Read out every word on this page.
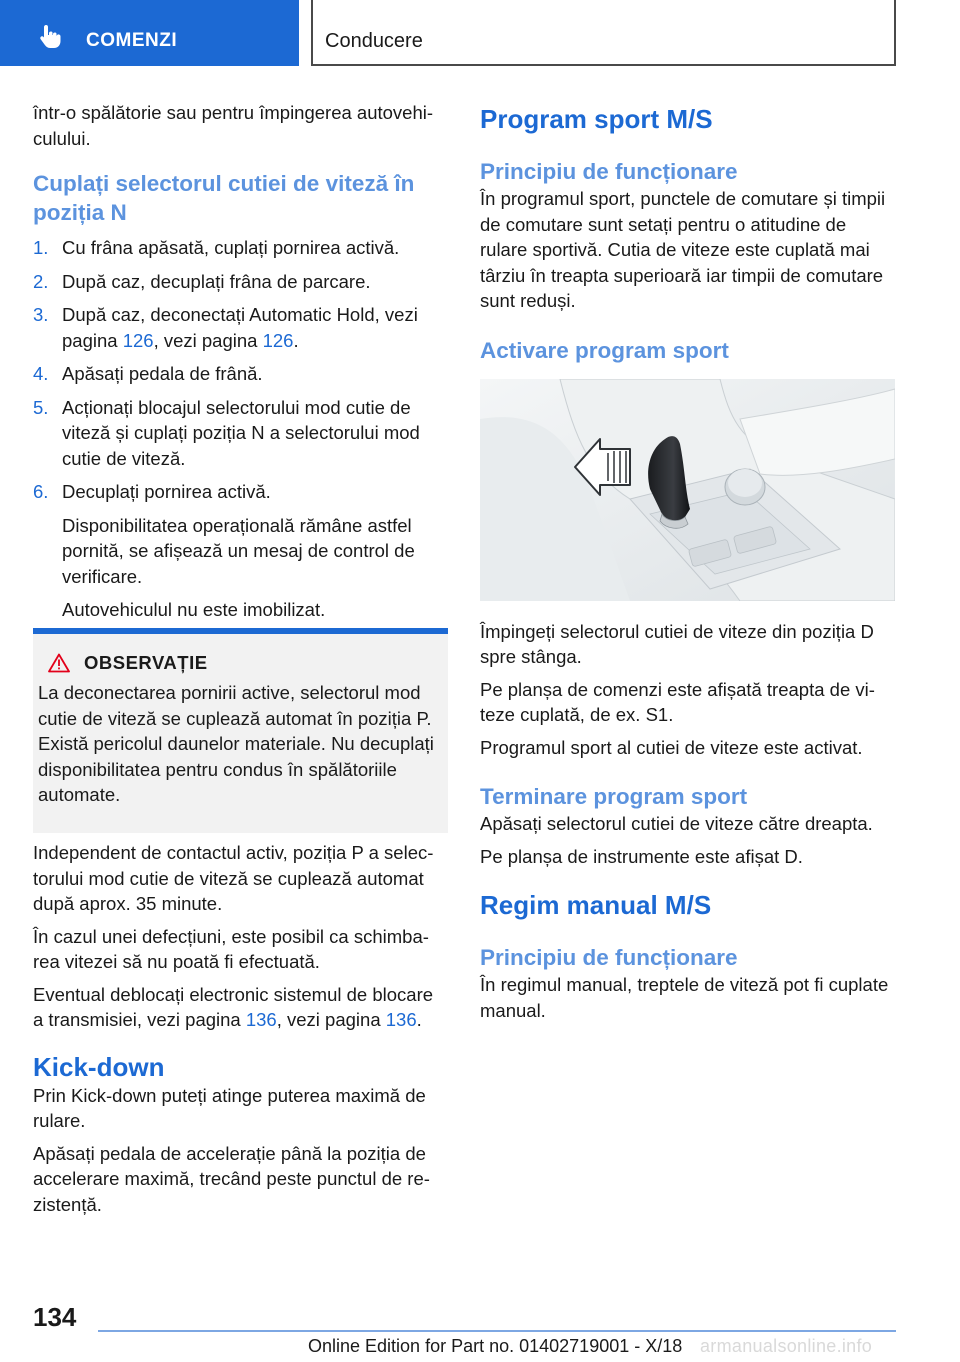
COMENZI	Conducere

într-o spălătorie sau pentru împingerea autovehiculului.

Cuplați selectorul cutiei de viteză în poziția N
1. Cu frâna apăsată, cuplați pornirea activă.
2. După caz, decuplați frâna de parcare.
3. După caz, deconectați Automatic Hold, vezi pagina 126, vezi pagina 126.
4. Apăsați pedala de frână.
5. Acționați blocajul selectorului mod cutie de viteză și cuplați poziția N a selectorului mod cutie de viteză.
6. Decuplați pornirea activă.
Disponibilitatea operațională rămâne astfel pornită, se afișează un mesaj de control de verificare.
Autovehiculul nu este imobilizat.
OBSERVAȚIE

La deconectarea pornirii active, selectorul mod cutie de viteză se cuplează automat în poziția P. Există pericolul daunelor materiale. Nu decuplați disponibilitatea pentru condus în spălătoriile automate.

Independent de contactul activ, poziția P a selectorului mod cutie de viteză se cuplează automat după aprox. 35 minute.

În cazul unei defecțiuni, este posibil ca schimbarea vitezei să nu poată fi efectuată.

Eventual deblocați electronic sistemul de blocare a transmisiei, vezi pagina 136, vezi pagina 136.

Kick-down

Prin Kick-down puteți atinge puterea maximă de rulare.

Apăsați pedala de accelerație până la poziția de accelerare maximă, trecând peste punctul de rezistență.

Program sport M/S
Principiu de funcționare

În programul sport, punctele de comutare și timpii de comutare sunt setați pentru o atitudine de rulare sportivă. Cutia de viteze este cuplată mai târziu în treapta superioară iar timpii de comutare sunt reduși.

Activare program sport

Împingeți selectorul cutiei de viteze din poziția D spre stânga.

Pe planșa de comenzi este afișată treapta de viteze cuplată, de ex. S1.

Programul sport al cutiei de viteze este activat.

Terminare program sport

Apăsați selectorul cutiei de viteze către dreapta.

Pe planșa de instrumente este afișat D.

Regim manual M/S
Principiu de funcționare

În regimul manual, treptele de viteză pot fi cuplate manual.

134
Online Edition for Part no. 01402719001 - X/18 armanualsonline.info
